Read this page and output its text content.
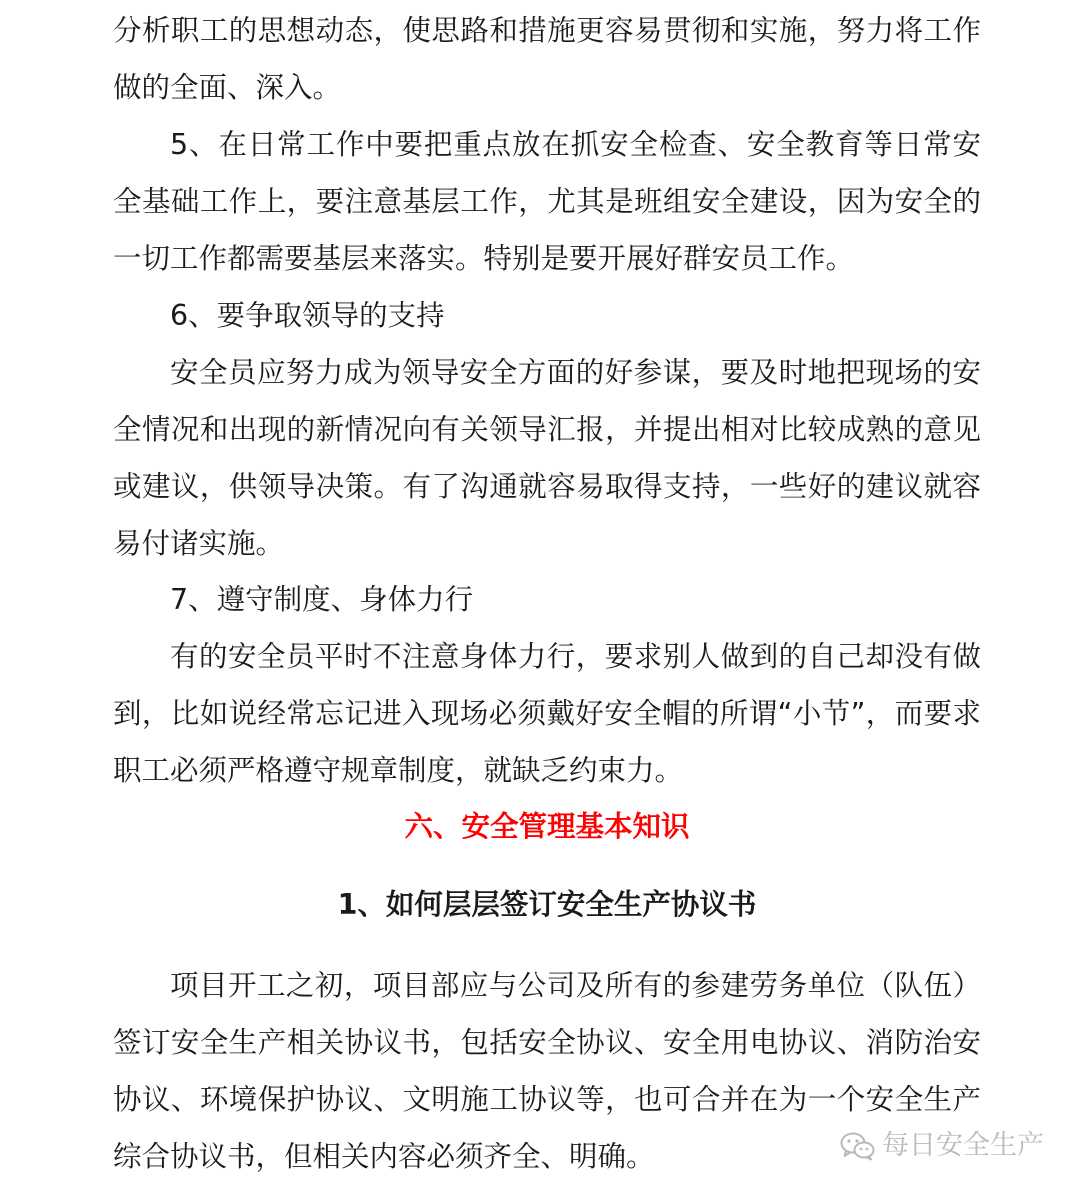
分析职工的思想动态，使思路和措施更容易贯彻和实施，努力将工作做的全面、深入。

5、在日常工作中要把重点放在抓安全检查、安全教育等日常安全基础工作上，要注意基层工作，尤其是班组安全建设，因为安全的一切工作都需要基层来落实。特别是要开展好群安员工作。

6、要争取领导的支持

安全员应努力成为领导安全方面的好参谋，要及时地把现场的安全情况和出现的新情况向有关领导汇报，并提出相对比较成熟的意见或建议，供领导决策。有了沟通就容易取得支持，一些好的建议就容易付诸实施。

7、遵守制度、身体力行

有的安全员平时不注意身体力行，要求别人做到的自己却没有做到，比如说经常忘记进入现场必须戴好安全帽的所谓“小节”，而要求职工必须严格遵守规章制度，就缺乏约束力。

六、安全管理基本知识
1、如何层层签订安全生产协议书

项目开工之初，项目部应与公司及所有的参建劳务单位（队伍）签订安全生产相关协议书，包括安全协议、安全用电协议、消防治安协议、环境保护协议、文明施工协议等，也可合并在为一个安全生产综合协议书，但相关内容必须齐全、明确。	每日安全生产
